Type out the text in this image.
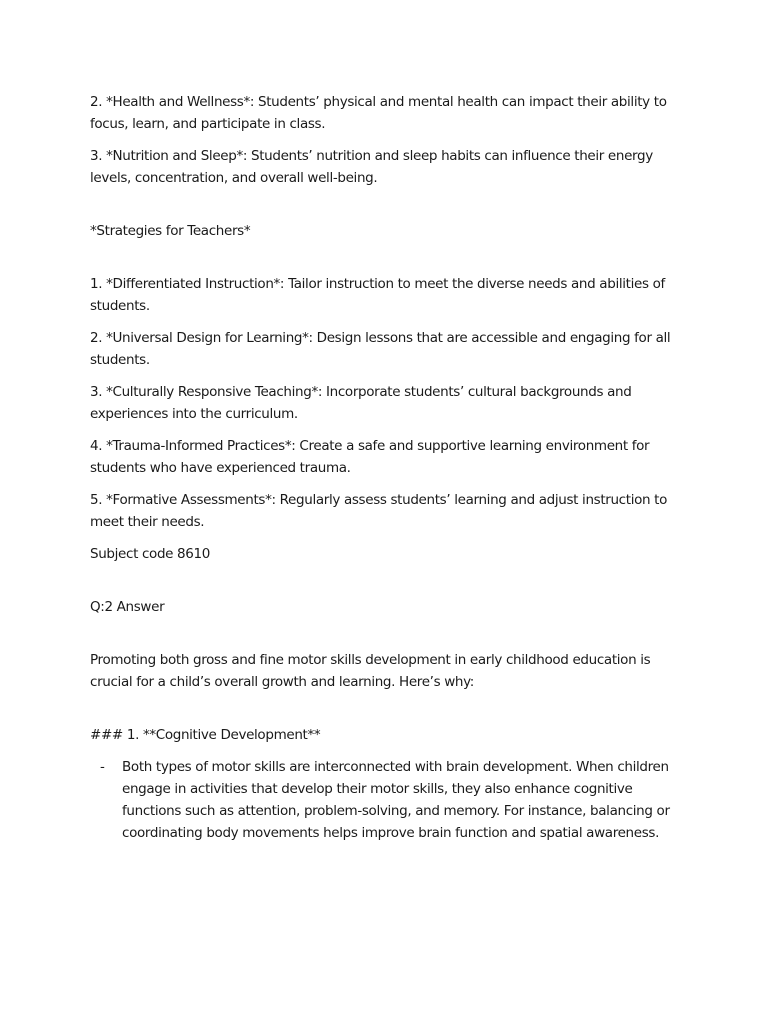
2. *Health and Wellness*: Students’ physical and mental health can impact their ability to focus, learn, and participate in class.

3. *Nutrition and Sleep*: Students’ nutrition and sleep habits can influence their energy levels, concentration, and overall well-being.

*Strategies for Teachers*

1. *Differentiated Instruction*: Tailor instruction to meet the diverse needs and abilities of students.

2. *Universal Design for Learning*: Design lessons that are accessible and engaging for all students.

3. *Culturally Responsive Teaching*: Incorporate students’ cultural backgrounds and experiences into the curriculum.

4. *Trauma-Informed Practices*: Create a safe and supportive learning environment for students who have experienced trauma.

5. *Formative Assessments*: Regularly assess students’ learning and adjust instruction to meet their needs.

Subject code 8610

Q:2 Answer

Promoting both gross and fine motor skills development in early childhood education is crucial for a child’s overall growth and learning. Here’s why:

### 1. **Cognitive Development**

-	Both types of motor skills are interconnected with brain development. When children engage in activities that develop their motor skills, they also enhance cognitive functions such as attention, problem-solving, and memory. For instance, balancing or coordinating body movements helps improve brain function and spatial awareness.
